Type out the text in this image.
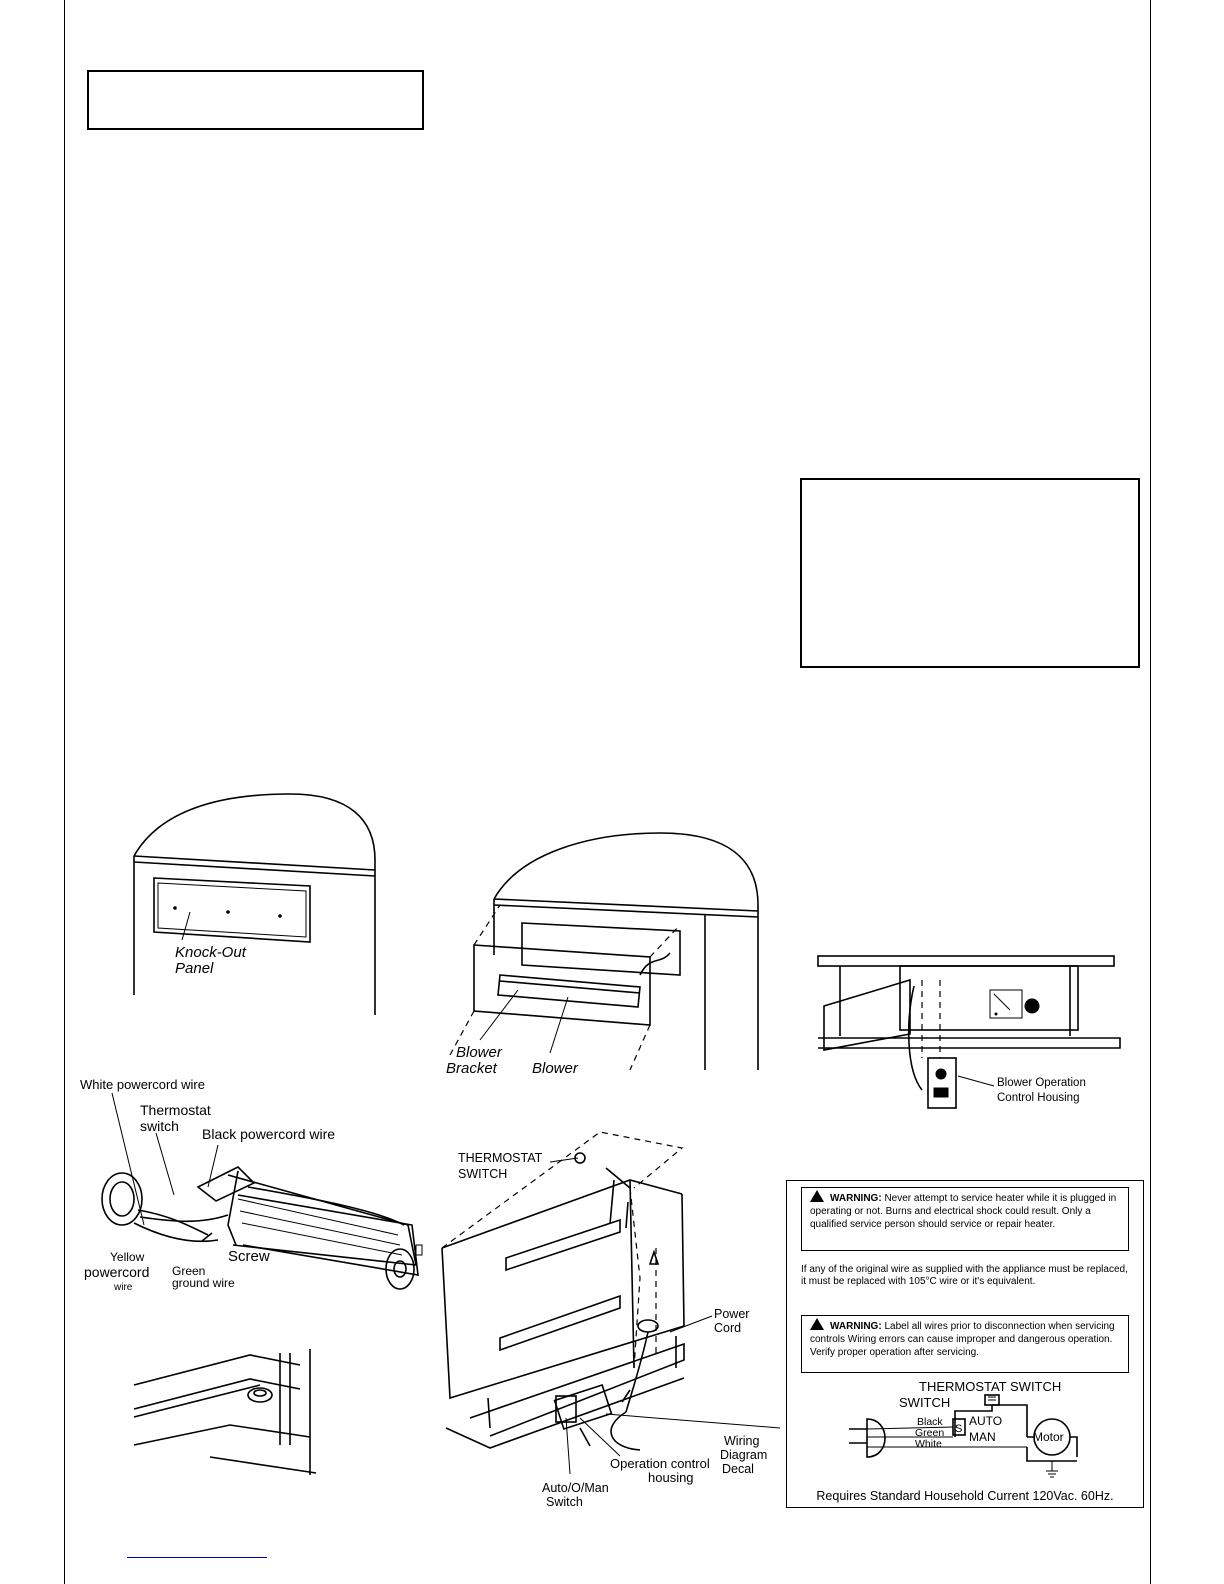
Knock-Out
Panel
Blower
Bracket Blower
Blower Operation
Control Housing
White powercord wire
Thermostat
switch Black powercord wire
Screw
Yellow
powercord
wire
Green
ground wire
THERMOSTAT
SWITCH
Power
Cord
Wiring
Diagram
Decal
Operation control
housing
Auto/O/Man
Switch
WARNING: Never attempt to service heater while it is plugged in operating or not. Burns and electrical shock could result. Only a qualified service person should service or repair heater.
If any of the original wire as supplied with the appliance must be replaced, it must be replaced with 105°C wire or it's equivalent.
WARNING: Label all wires prior to disconnection when servicing controls Wiring errors can cause improper and dangerous operation. Verify proper operation after servicing.
THERMOSTAT SWITCH
SWITCH
S
AUTO
MAN
Black
Green
White	Motor
Requires Standard Household Current 120Vac. 60Hz.
